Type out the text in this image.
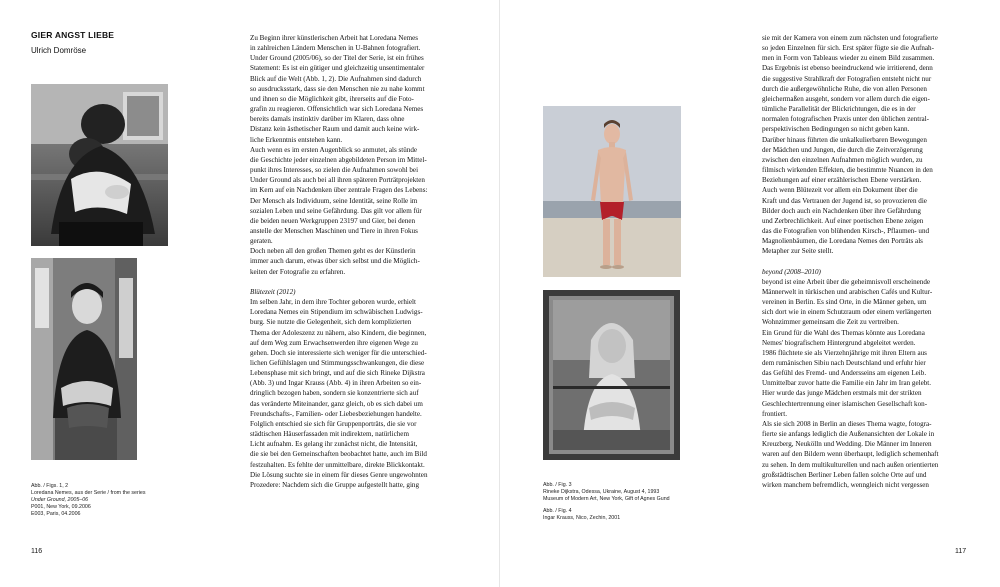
GIER ANGST LIEBE
Ulrich Domröse
Abb. / Figs. 1, 2
Loredana Nemes, aus der Serie / from the series
Under Ground, 2005–06
P001, New York, 09.2006
E003, Paris, 04.2006
116
Zu Beginn ihrer künstlerischen Arbeit hat Loredana Nemes
in zahlreichen Ländern Menschen in U-Bahnen fotografiert.
Under Ground (2005/06), so der Titel der Serie, ist ein frühes
Statement: Es ist ein gütiger und gleichzeitig unsentimentaler
Blick auf die Welt (Abb. 1, 2). Die Aufnahmen sind dadurch
so ausdrucksstark, dass sie den Menschen nie zu nahe kommt
und ihnen so die Möglichkeit gibt, ihrerseits auf die Foto-
grafin zu reagieren. Offensichtlich war sich Loredana Nemes
bereits damals instinktiv darüber im Klaren, dass ohne
Distanz kein ästhetischer Raum und damit auch keine wirk-
liche Erkenntnis entstehen kann.
Auch wenn es im ersten Augenblick so anmutet, als stünde
die Geschichte jeder einzelnen abgebildeten Person im Mittel-
punkt ihres Interesses, so zielen die Aufnahmen sowohl bei
Under Ground als auch bei all ihren späteren Porträtprojekten
im Kern auf ein Nachdenken über zentrale Fragen des Lebens:
Der Mensch als Individuum, seine Identität, seine Rolle im
sozialen Leben und seine Gefährdung. Das gilt vor allem für
die beiden neuen Werkgruppen 23197 und Gier, bei denen
anstelle der Menschen Maschinen und Tiere in ihren Fokus
geraten.
Doch neben all den großen Themen geht es der Künstlerin
immer auch darum, etwas über sich selbst und die Möglich-
keiten der Fotografie zu erfahren.
Blütezeit (2012)
Im selben Jahr, in dem ihre Tochter geboren wurde, erhielt
Loredana Nemes ein Stipendium im schwäbischen Ludwigs-
burg. Sie nutzte die Gelegenheit, sich dem komplizierten
Thema der Adoleszenz zu nähern, also Kindern, die beginnen,
auf dem Weg zum Erwachsenwerden ihre eigenen Wege zu
gehen. Doch sie interessierte sich weniger für die unterschied-
lichen Gefühlslagen und Stimmungsschwankungen, die diese
Lebensphase mit sich bringt, und auf die sich Rineke Dijkstra
(Abb. 3) und Ingar Krauss (Abb. 4) in ihren Arbeiten so ein-
dringlich bezogen haben, sondern sie konzentrierte sich auf
das veränderte Miteinander, ganz gleich, ob es sich dabei um
Freundschafts-, Familien- oder Liebesbeziehungen handelte.
Folglich entschied sie sich für Gruppenporträts, die sie vor
städtischen Häuserfassaden mit indirektem, natürlichem
Licht aufnahm. Es gelang ihr zunächst nicht, die Intensität,
die sie bei den Gemeinschaften beobachtet hatte, auch im Bild
festzuhalten. Es fehlte der unmittelbare, direkte Blickkontakt.
Die Lösung suchte sie in einem für dieses Genre ungewohnten
Prozedere: Nachdem sich die Gruppe aufgestellt hatte, ging	Abb. / Fig. 3
Rineke Dijkstra, Odessa, Ukraine, August 4, 1993
Museum of Modern Art, New York, Gift of Agnes Gund
Abb. / Fig. 4
Ingar Krauss, Nico, Zechin, 2001
117
sie mit der Kamera von einem zum nächsten und fotografierte
so jeden Einzelnen für sich. Erst später fügte sie die Aufnah-
men in Form von Tableaus wieder zu einem Bild zusammen.
Das Ergebnis ist ebenso beeindruckend wie irritierend, denn
die suggestive Strahlkraft der Fotografien entsteht nicht nur
durch die außergewöhnliche Ruhe, die von allen Personen
gleichermaßen ausgeht, sondern vor allem durch die eigen-
tümliche Parallelität der Blickrichtungen, die es in der
normalen fotografischen Praxis unter den üblichen zentral-
perspektivischen Bedingungen so nicht geben kann.
Darüber hinaus führten die unkalkulierbaren Bewegungen
der Mädchen und Jungen, die durch die Zeitverzögerung
zwischen den einzelnen Aufnahmen möglich wurden, zu
filmisch wirkenden Effekten, die bestimmte Nuancen in den
Beziehungen auf einer erzählerischen Ebene verstärken.
Auch wenn Blütezeit vor allem ein Dokument über die
Kraft und das Vertrauen der Jugend ist, so provozieren die
Bilder doch auch ein Nachdenken über ihre Gefährdung
und Zerbrechlichkeit. Auf einer poetischen Ebene zeigen
das die Fotografien von blühenden Kirsch-, Pflaumen- und
Magnolienbäumen, die Loredana Nemes den Porträts als
Metapher zur Seite stellt.
beyond (2008–2010)
beyond ist eine Arbeit über die geheimnisvoll erscheinende
Männerwelt in türkischen und arabischen Cafés und Kultur-
vereinen in Berlin. Es sind Orte, in die Männer gehen, um
sich dort wie in einem Schutzraum oder einem verlängerten
Wohnzimmer gemeinsam die Zeit zu vertreiben.
Ein Grund für die Wahl des Themas könnte aus Loredana
Nemes' biografischem Hintergrund abgeleitet werden.
1986 flüchtete sie als Vierzehnjährige mit ihren Eltern aus
dem rumänischen Sibiu nach Deutschland und erfuhr hier
das Gefühl des Fremd- und Andersseins am eigenen Leib.
Unmittelbar zuvor hatte die Familie ein Jahr im Iran gelebt.
Hier wurde das junge Mädchen erstmals mit der strikten
Geschlechtertrennung einer islamischen Gesellschaft kon-
frontiert.
Als sie sich 2008 in Berlin an dieses Thema wagte, fotogra-
fierte sie anfangs lediglich die Außenansichten der Lokale in
Kreuzberg, Neukölln und Wedding. Die Männer im Inneren
waren auf den Bildern wenn überhaupt, lediglich schemenhaft
zu sehen. In dem multikulturellen und nach außen orientierten
großstädtischen Berliner Leben fallen solche Orte auf und
wirken manchem befremdlich, wenngleich nicht vergessen
